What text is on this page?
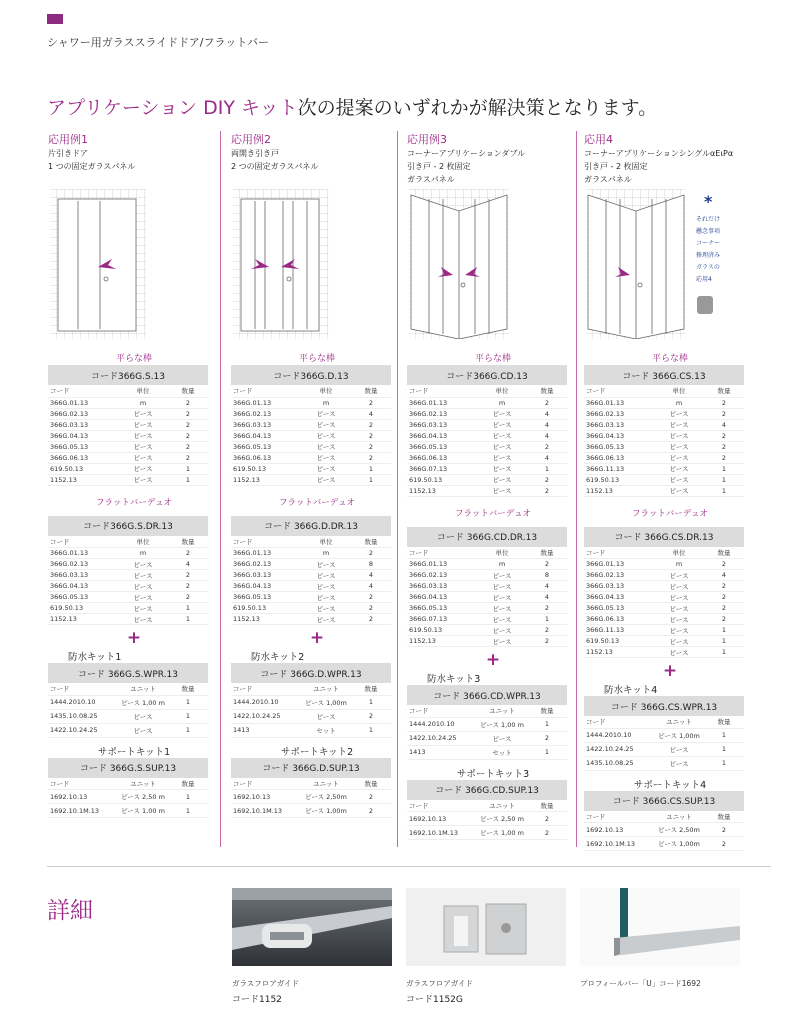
シャワー用ガラススライドドア/フラットバー
アプリケーション DIY キット次の提案のいずれかが解決策となります。
応用例1
片引きドア
1 つの固定ガラスパネル
平らな棒
コード366G.S.13		
コード	単位	数量
366G.01.13	m	2
366G.02.13	ピース	2
366G.03.13	ピース	2
366G.04.13	ピース	2
366G.05.13	ピース	2
366G.06.13	ピース	2
619.50.13	ピース	1
1152.13	ピース	1
フラットバーデュオ
コード366G.S.DR.13		
コード	単位	数量
366G.01.13	m	2
366G.02.13	ピース	4
366G.03.13	ピース	2
366G.04.13	ピース	2
366G.05.13	ピース	2
619.50.13	ピース	1
1152.13	ピース	1
+
防水キット1
コード 366G.S.WPR.13		
コード	ユニット	数量
1444.2010.10	ピース 1,00 m	1
1435.10.08.25	ピース	1
1422.10.24.25	ピース	1
サポートキット1
コード 366G.S.SUP.13		
コード	ユニット	数量
1692.10.13	ピース 2,50 m	1
1692.10.1M.13	ピース 1,00 m	1
応用例2
両開き引き戸
2 つの固定ガラスパネル
平らな棒
コード366G.D.13		
コード	単位	数量
366G.01.13	m	2
366G.02.13	ピース	4
366G.03.13	ピース	2
366G.04.13	ピース	2
366G.05.13	ピース	2
366G.06.13	ピース	2
619.50.13	ピース	1
1152.13	ピース	1
フラットバーデュオ
コード 366G.D.DR.13		
コード	単位	数量
366G.01.13	m	2
366G.02.13	ピース	8
366G.03.13	ピース	4
366G.04.13	ピース	4
366G.05.13	ピース	2
619.50.13	ピース	2
1152.13	ピース	2
+
防水キット2
コード 366G.D.WPR.13		
コード	ユニット	数量
1444.2010.10	ピース 1,00m	1
1422.10.24.25	ピース	2
1413	セット	1
サポートキット2
コード 366G.D.SUP.13		
コード	ユニット	数量
1692.10.13	ピース 2,50m	2
1692.10.1M.13	ピース 1,00m	2
応用例3
コーナーアプリケーションダブル
引き戸 - 2 枚固定
ガラスパネル
平らな棒
コード366G.CD.13		
コード	単位	数量
366G.01.13	m	2
366G.02.13	ピース	4
366G.03.13	ピース	4
366G.04.13	ピース	4
366G.05.13	ピース	2
366G.06.13	ピース	4
366G.07.13	ピース	1
619.50.13	ピース	2
1152.13	ピース	2
フラットバーデュオ
コード 366G.CD.DR.13		
コード	単位	数量
366G.01.13	m	2
366G.02.13	ピース	8
366G.03.13	ピース	4
366G.04.13	ピース	4
366G.05.13	ピース	2
366G.07.13	ピース	1
619.50.13	ピース	2
1152.13	ピース	2
+
防水キット3
コード 366G.CD.WPR.13		
コード	ユニット	数量
1444.2010.10	ピース 1,00 m	1
1422.10.24.25	ピース	2
1413	セット	1
サポートキット3
コード 366G.CD.SUP.13		
コード	ユニット	数量
1692.10.13	ピース 2,50 m	2
1692.10.1M.13	ピース 1,00 m	2
応用4
コーナーアプリケーションシングルαΕιΡα
引き戸 - 2 枚固定
ガラスパネル
平らな棒
コード 366G.CS.13		
コード	単位	数量
366G.01.13	m	2
366G.02.13	ピース	2
366G.03.13	ピース	4
366G.04.13	ピース	2
366G.05.13	ピース	2
366G.06.13	ピース	2
366G.11.13	ピース	1
619.50.13	ピース	1
1152.13	ピース	1
フラットバーデュオ
コード 366G.CS.DR.13		
コード	単位	数量
366G.01.13	m	2
366G.02.13	ピース	4
366G.03.13	ピース	2
366G.04.13	ピース	2
366G.05.13	ピース	2
366G.06.13	ピース	2
366G.11.13	ピース	1
619.50.13	ピース	1
1152.13	ピース	1
+
防水キット4
コード 366G.CS.WPR.13		
コード	ユニット	数量
1444.2010.10	ピース 1,00m	1
1422.10.24.25	ピース	1
1435.10.08.25	ピース	1
サポートキット4
コード 366G.CS.SUP.13		
コード	ユニット	数量
1692.10.13	ピース 2,50m	2
1692.10.1M.13	ピース 1,00m	2
*
それだけ
懸念事項
コーナー
修理済み
ガラスの
応用4
詳細
ガラスフロアガイド
コード1152
ガラスフロアガイド
コード1152G
プロフィールバー「U」コード1692
